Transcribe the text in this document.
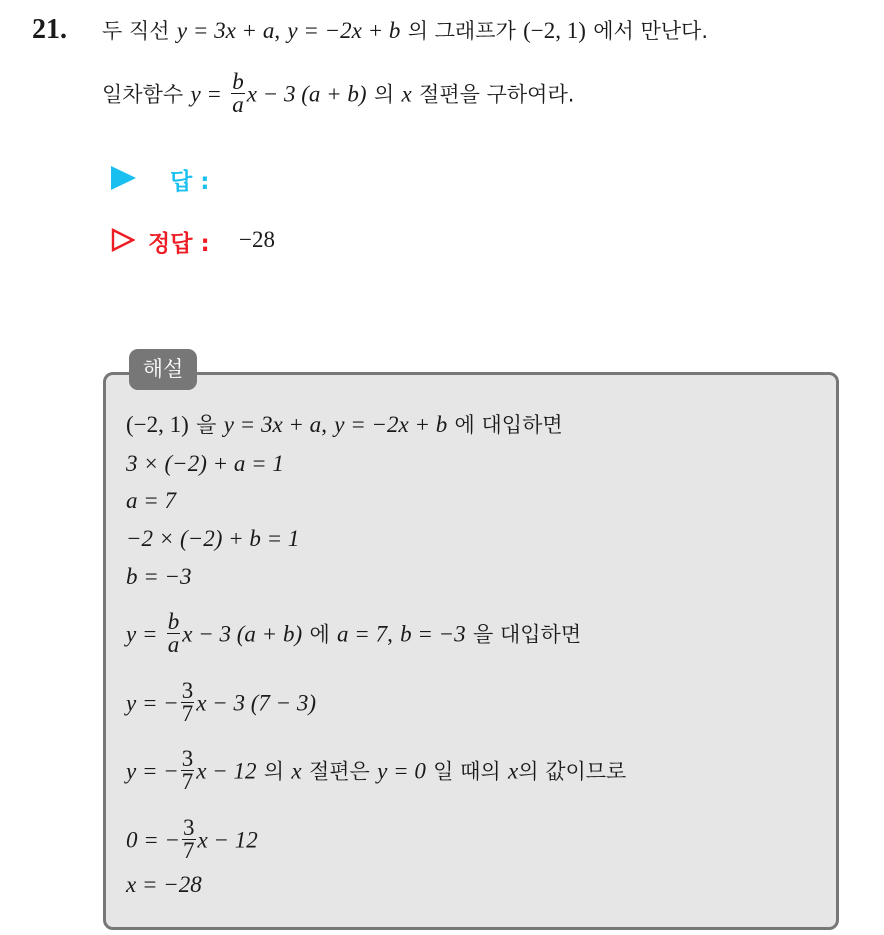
21. 두 직선 y = 3x + a, y = −2x + b 의 그래프가 (−2, 1) 에서 만난다.
일차함수 $y = \frac{b}{a}$ x − 3 (a + b) 의 x 절편을 구하여라.
답 :
정답 : −28
해설
(−2, 1) 을 y = 3x + a, y = −2x + b 에 대입하면
3 × (−2) + a = 1
a = 7
−2 × (−2) + b = 1
b = −3
$y = \frac{b}{a}$ x − 3 (a + b) 에 a = 7, b = −3 을 대입하면
y = − $\frac{3}{7}$ x − 3 (7 − 3)
y = − $\frac{3}{7}$ x − 12 의 x 절편은 y = 0 일 때의 x의 값이므로
0 = − $\frac{3}{7}$ x − 12
x = −28
